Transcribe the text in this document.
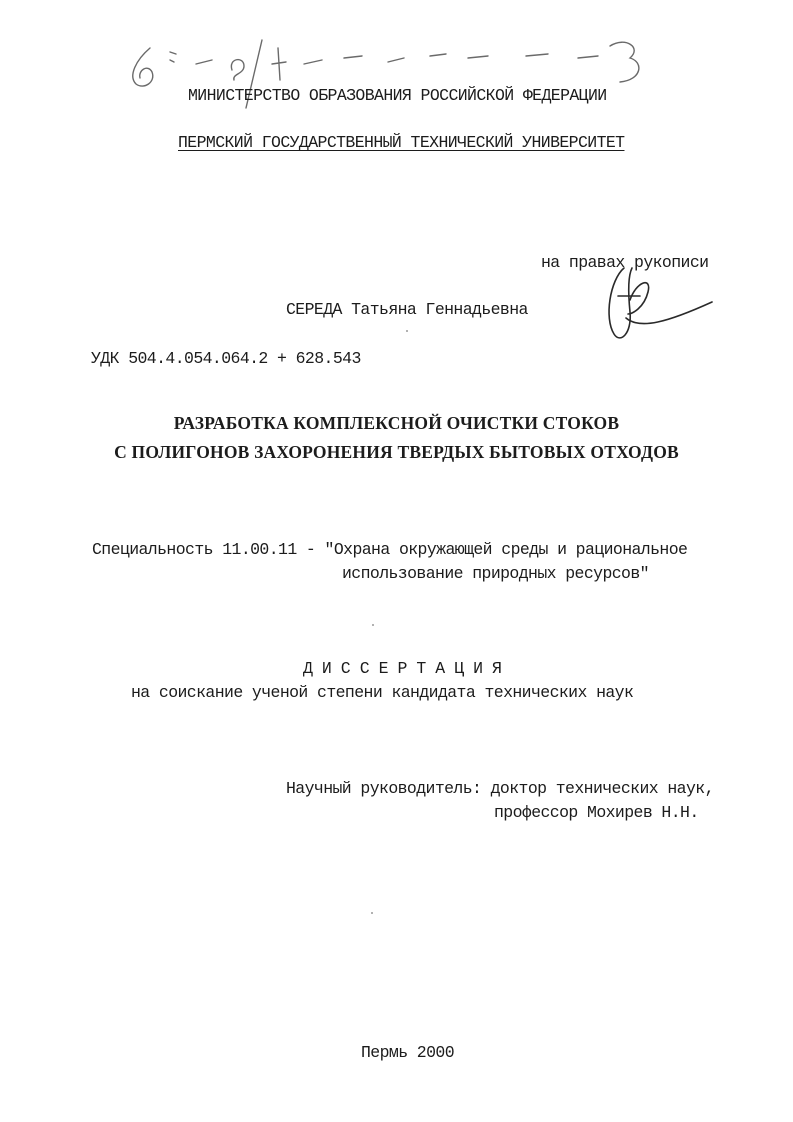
МИНИСТЕРСТВО ОБРАЗОВАНИЯ РОССИЙСКОЙ ФЕДЕРАЦИИ
ПЕРМСКИЙ ГОСУДАРСТВЕННЫЙ ТЕХНИЧЕСКИЙ УНИВЕРСИТЕТ
на правах рукописи
СЕРЕДА Татьяна Геннадьевна
УДК 504.4.054.064.2 + 628.543
РАЗРАБОТКА КОМПЛЕКСНОЙ ОЧИСТКИ СТОКОВ
С ПОЛИГОНОВ ЗАХОРОНЕНИЯ ТВЕРДЫХ БЫТОВЫХ ОТХОДОВ
Специальность 11.00.11 - "Охрана окружающей среды и рациональное
использование природных ресурсов"
ДИССЕРТАЦИЯ
на соискание ученой степени кандидата технических наук
Научный руководитель: доктор технических наук,
профессор Мохирев Н.Н.
Пермь 2000
